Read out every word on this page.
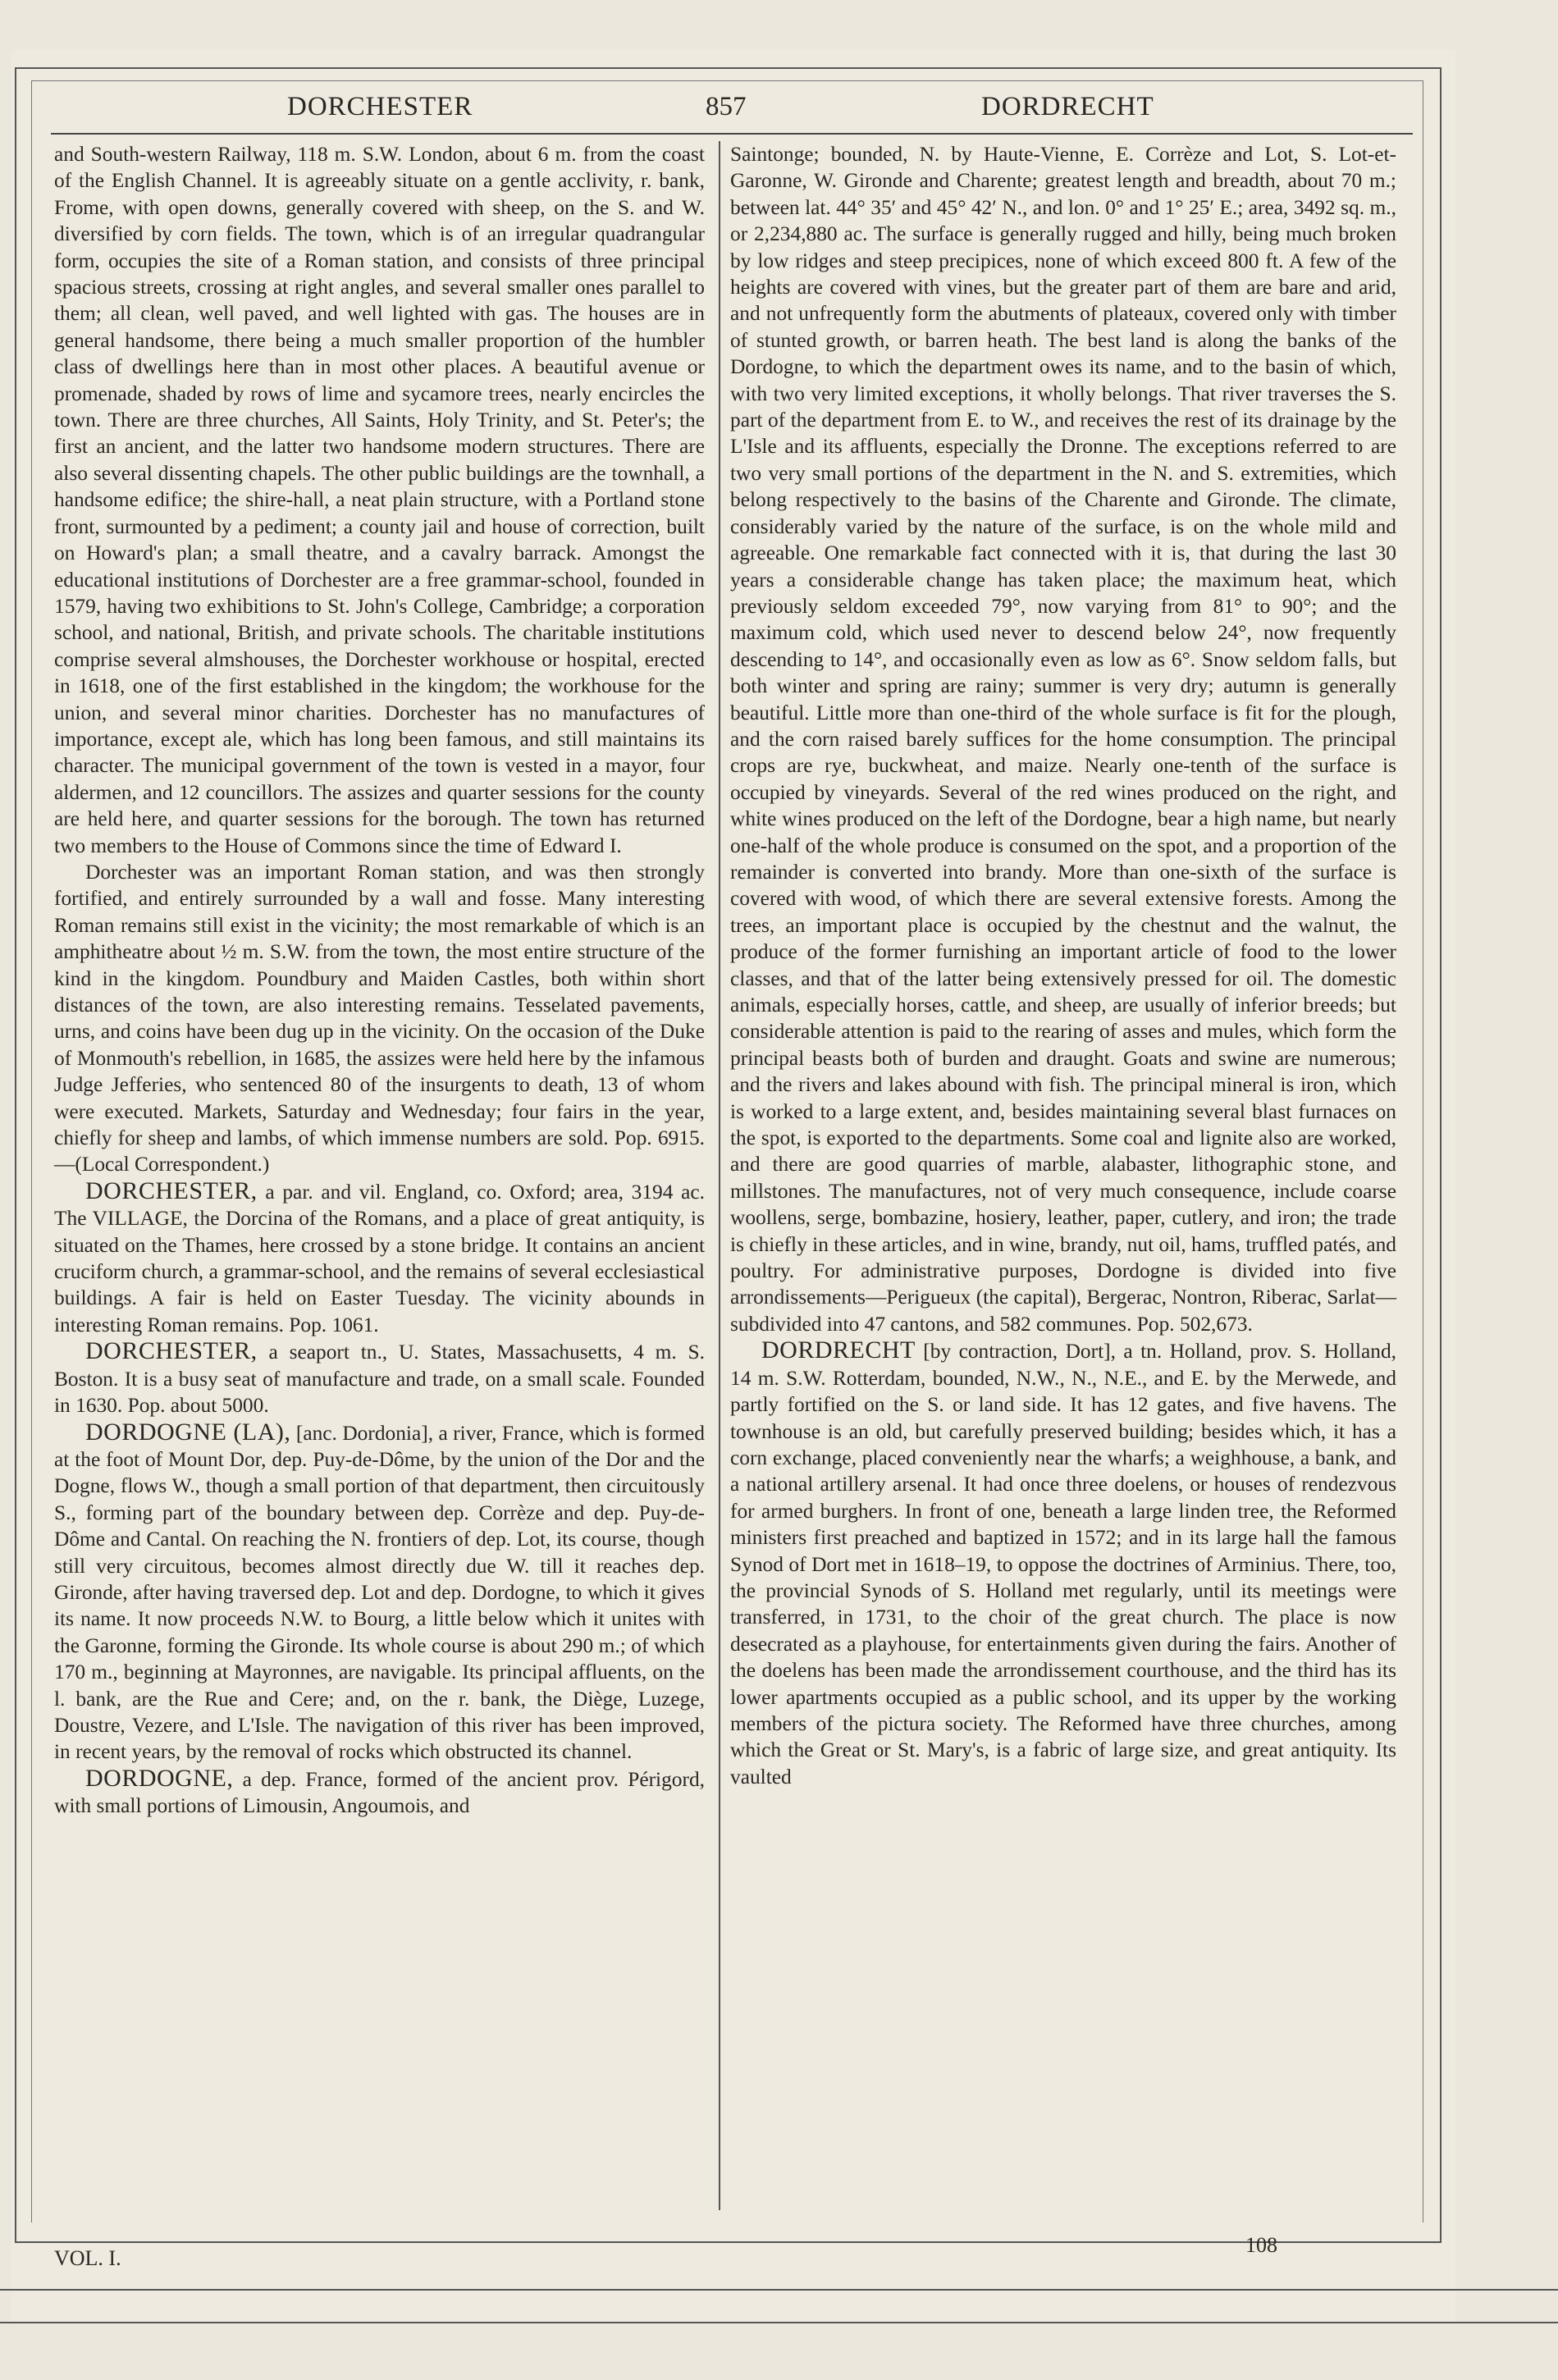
DORCHESTER	857	DORDRECHT

and South-western Railway, 118 m. S.W. London, about 6 m. from the coast of the English Channel. It is agreeably situate on a gentle acclivity, r. bank, Frome, with open downs, generally covered with sheep, on the S. and W. diversified by corn fields. The town, which is of an irregular quadrangular form, occupies the site of a Roman station, and consists of three principal spacious streets, crossing at right angles, and several smaller ones parallel to them; all clean, well paved, and well lighted with gas. The houses are in general handsome, there being a much smaller proportion of the humbler class of dwellings here than in most other places. A beautiful avenue or promenade, shaded by rows of lime and sycamore trees, nearly encircles the town. There are three churches, All Saints, Holy Trinity, and St. Peter's; the first an ancient, and the latter two handsome modern structures. There are also several dissenting chapels. The other public buildings are the townhall, a handsome edifice; the shire-hall, a neat plain structure, with a Portland stone front, surmounted by a pediment; a county jail and house of correction, built on Howard's plan; a small theatre, and a cavalry barrack. Amongst the educational institutions of Dorchester are a free grammar-school, founded in 1579, having two exhibitions to St. John's College, Cambridge; a corporation school, and national, British, and private schools. The charitable institutions comprise several almshouses, the Dorchester workhouse or hospital, erected in 1618, one of the first established in the kingdom; the workhouse for the union, and several minor charities. Dorchester has no manufactures of importance, except ale, which has long been famous, and still maintains its character. The municipal government of the town is vested in a mayor, four aldermen, and 12 councillors. The assizes and quarter sessions for the county are held here, and quarter sessions for the borough. The town has returned two members to the House of Commons since the time of Edward I.

Dorchester was an important Roman station, and was then strongly fortified, and entirely surrounded by a wall and fosse. Many interesting Roman remains still exist in the vicinity; the most remarkable of which is an amphitheatre about ½ m. S.W. from the town, the most entire structure of the kind in the kingdom. Poundbury and Maiden Castles, both within short distances of the town, are also interesting remains. Tesselated pavements, urns, and coins have been dug up in the vicinity. On the occasion of the Duke of Monmouth's rebellion, in 1685, the assizes were held here by the infamous Judge Jefferies, who sentenced 80 of the insurgents to death, 13 of whom were executed. Markets, Saturday and Wednesday; four fairs in the year, chiefly for sheep and lambs, of which immense numbers are sold. Pop. 6915.—(Local Correspondent.)

DORCHESTER, a par. and vil. England, co. Oxford; area, 3194 ac. The VILLAGE, the Dorcina of the Romans, and a place of great antiquity, is situated on the Thames, here crossed by a stone bridge. It contains an ancient cruciform church, a grammar-school, and the remains of several ecclesiastical buildings. A fair is held on Easter Tuesday. The vicinity abounds in interesting Roman remains. Pop. 1061.

DORCHESTER, a seaport tn., U. States, Massachusetts, 4 m. S. Boston. It is a busy seat of manufacture and trade, on a small scale. Founded in 1630. Pop. about 5000.

DORDOGNE (LA), [anc. Dordonia], a river, France, which is formed at the foot of Mount Dor, dep. Puy-de-Dôme, by the union of the Dor and the Dogne, flows W., though a small portion of that department, then circuitously S., forming part of the boundary between dep. Corrèze and dep. Puy-de-Dôme and Cantal. On reaching the N. frontiers of dep. Lot, its course, though still very circuitous, becomes almost directly due W. till it reaches dep. Gironde, after having traversed dep. Lot and dep. Dordogne, to which it gives its name. It now proceeds N.W. to Bourg, a little below which it unites with the Garonne, forming the Gironde. Its whole course is about 290 m.; of which 170 m., beginning at Mayronnes, are navigable. Its principal affluents, on the l. bank, are the Rue and Cere; and, on the r. bank, the Diège, Luzege, Doustre, Vezere, and L'Isle. The navigation of this river has been improved, in recent years, by the removal of rocks which obstructed its channel.

DORDOGNE, a dep. France, formed of the ancient prov. Périgord, with small portions of Limousin, Angoumois, and

Saintonge; bounded, N. by Haute-Vienne, E. Corrèze and Lot, S. Lot-et-Garonne, W. Gironde and Charente; greatest length and breadth, about 70 m.; between lat. 44° 35′ and 45° 42′ N., and lon. 0° and 1° 25′ E.; area, 3492 sq. m., or 2,234,880 ac. The surface is generally rugged and hilly, being much broken by low ridges and steep precipices, none of which exceed 800 ft. A few of the heights are covered with vines, but the greater part of them are bare and arid, and not unfrequently form the abutments of plateaux, covered only with timber of stunted growth, or barren heath. The best land is along the banks of the Dordogne, to which the department owes its name, and to the basin of which, with two very limited exceptions, it wholly belongs. That river traverses the S. part of the department from E. to W., and receives the rest of its drainage by the L'Isle and its affluents, especially the Dronne. The exceptions referred to are two very small portions of the department in the N. and S. extremities, which belong respectively to the basins of the Charente and Gironde. The climate, considerably varied by the nature of the surface, is on the whole mild and agreeable. One remarkable fact connected with it is, that during the last 30 years a considerable change has taken place; the maximum heat, which previously seldom exceeded 79°, now varying from 81° to 90°; and the maximum cold, which used never to descend below 24°, now frequently descending to 14°, and occasionally even as low as 6°. Snow seldom falls, but both winter and spring are rainy; summer is very dry; autumn is generally beautiful. Little more than one-third of the whole surface is fit for the plough, and the corn raised barely suffices for the home consumption. The principal crops are rye, buckwheat, and maize. Nearly one-tenth of the surface is occupied by vineyards. Several of the red wines produced on the right, and white wines produced on the left of the Dordogne, bear a high name, but nearly one-half of the whole produce is consumed on the spot, and a proportion of the remainder is converted into brandy. More than one-sixth of the surface is covered with wood, of which there are several extensive forests. Among the trees, an important place is occupied by the chestnut and the walnut, the produce of the former furnishing an important article of food to the lower classes, and that of the latter being extensively pressed for oil. The domestic animals, especially horses, cattle, and sheep, are usually of inferior breeds; but considerable attention is paid to the rearing of asses and mules, which form the principal beasts both of burden and draught. Goats and swine are numerous; and the rivers and lakes abound with fish. The principal mineral is iron, which is worked to a large extent, and, besides maintaining several blast furnaces on the spot, is exported to the departments. Some coal and lignite also are worked, and there are good quarries of marble, alabaster, lithographic stone, and millstones. The manufactures, not of very much consequence, include coarse woollens, serge, bombazine, hosiery, leather, paper, cutlery, and iron; the trade is chiefly in these articles, and in wine, brandy, nut oil, hams, truffled patés, and poultry. For administrative purposes, Dordogne is divided into five arrondissements—Perigueux (the capital), Bergerac, Nontron, Riberac, Sarlat—subdivided into 47 cantons, and 582 communes. Pop. 502,673.

DORDRECHT [by contraction, Dort], a tn. Holland, prov. S. Holland, 14 m. S.W. Rotterdam, bounded, N.W., N., N.E., and E. by the Merwede, and partly fortified on the S. or land side. It has 12 gates, and five havens. The townhouse is an old, but carefully preserved building; besides which, it has a corn exchange, placed conveniently near the wharfs; a weighhouse, a bank, and a national artillery arsenal. It had once three doelens, or houses of rendezvous for armed burghers. In front of one, beneath a large linden tree, the Reformed ministers first preached and baptized in 1572; and in its large hall the famous Synod of Dort met in 1618–19, to oppose the doctrines of Arminius. There, too, the provincial Synods of S. Holland met regularly, until its meetings were transferred, in 1731, to the choir of the great church. The place is now desecrated as a playhouse, for entertainments given during the fairs. Another of the doelens has been made the arrondissement courthouse, and the third has its lower apartments occupied as a public school, and its upper by the working members of the pictura society. The Reformed have three churches, among which the Great or St. Mary's, is a fabric of large size, and great antiquity. Its vaulted

VOL. I.
108
